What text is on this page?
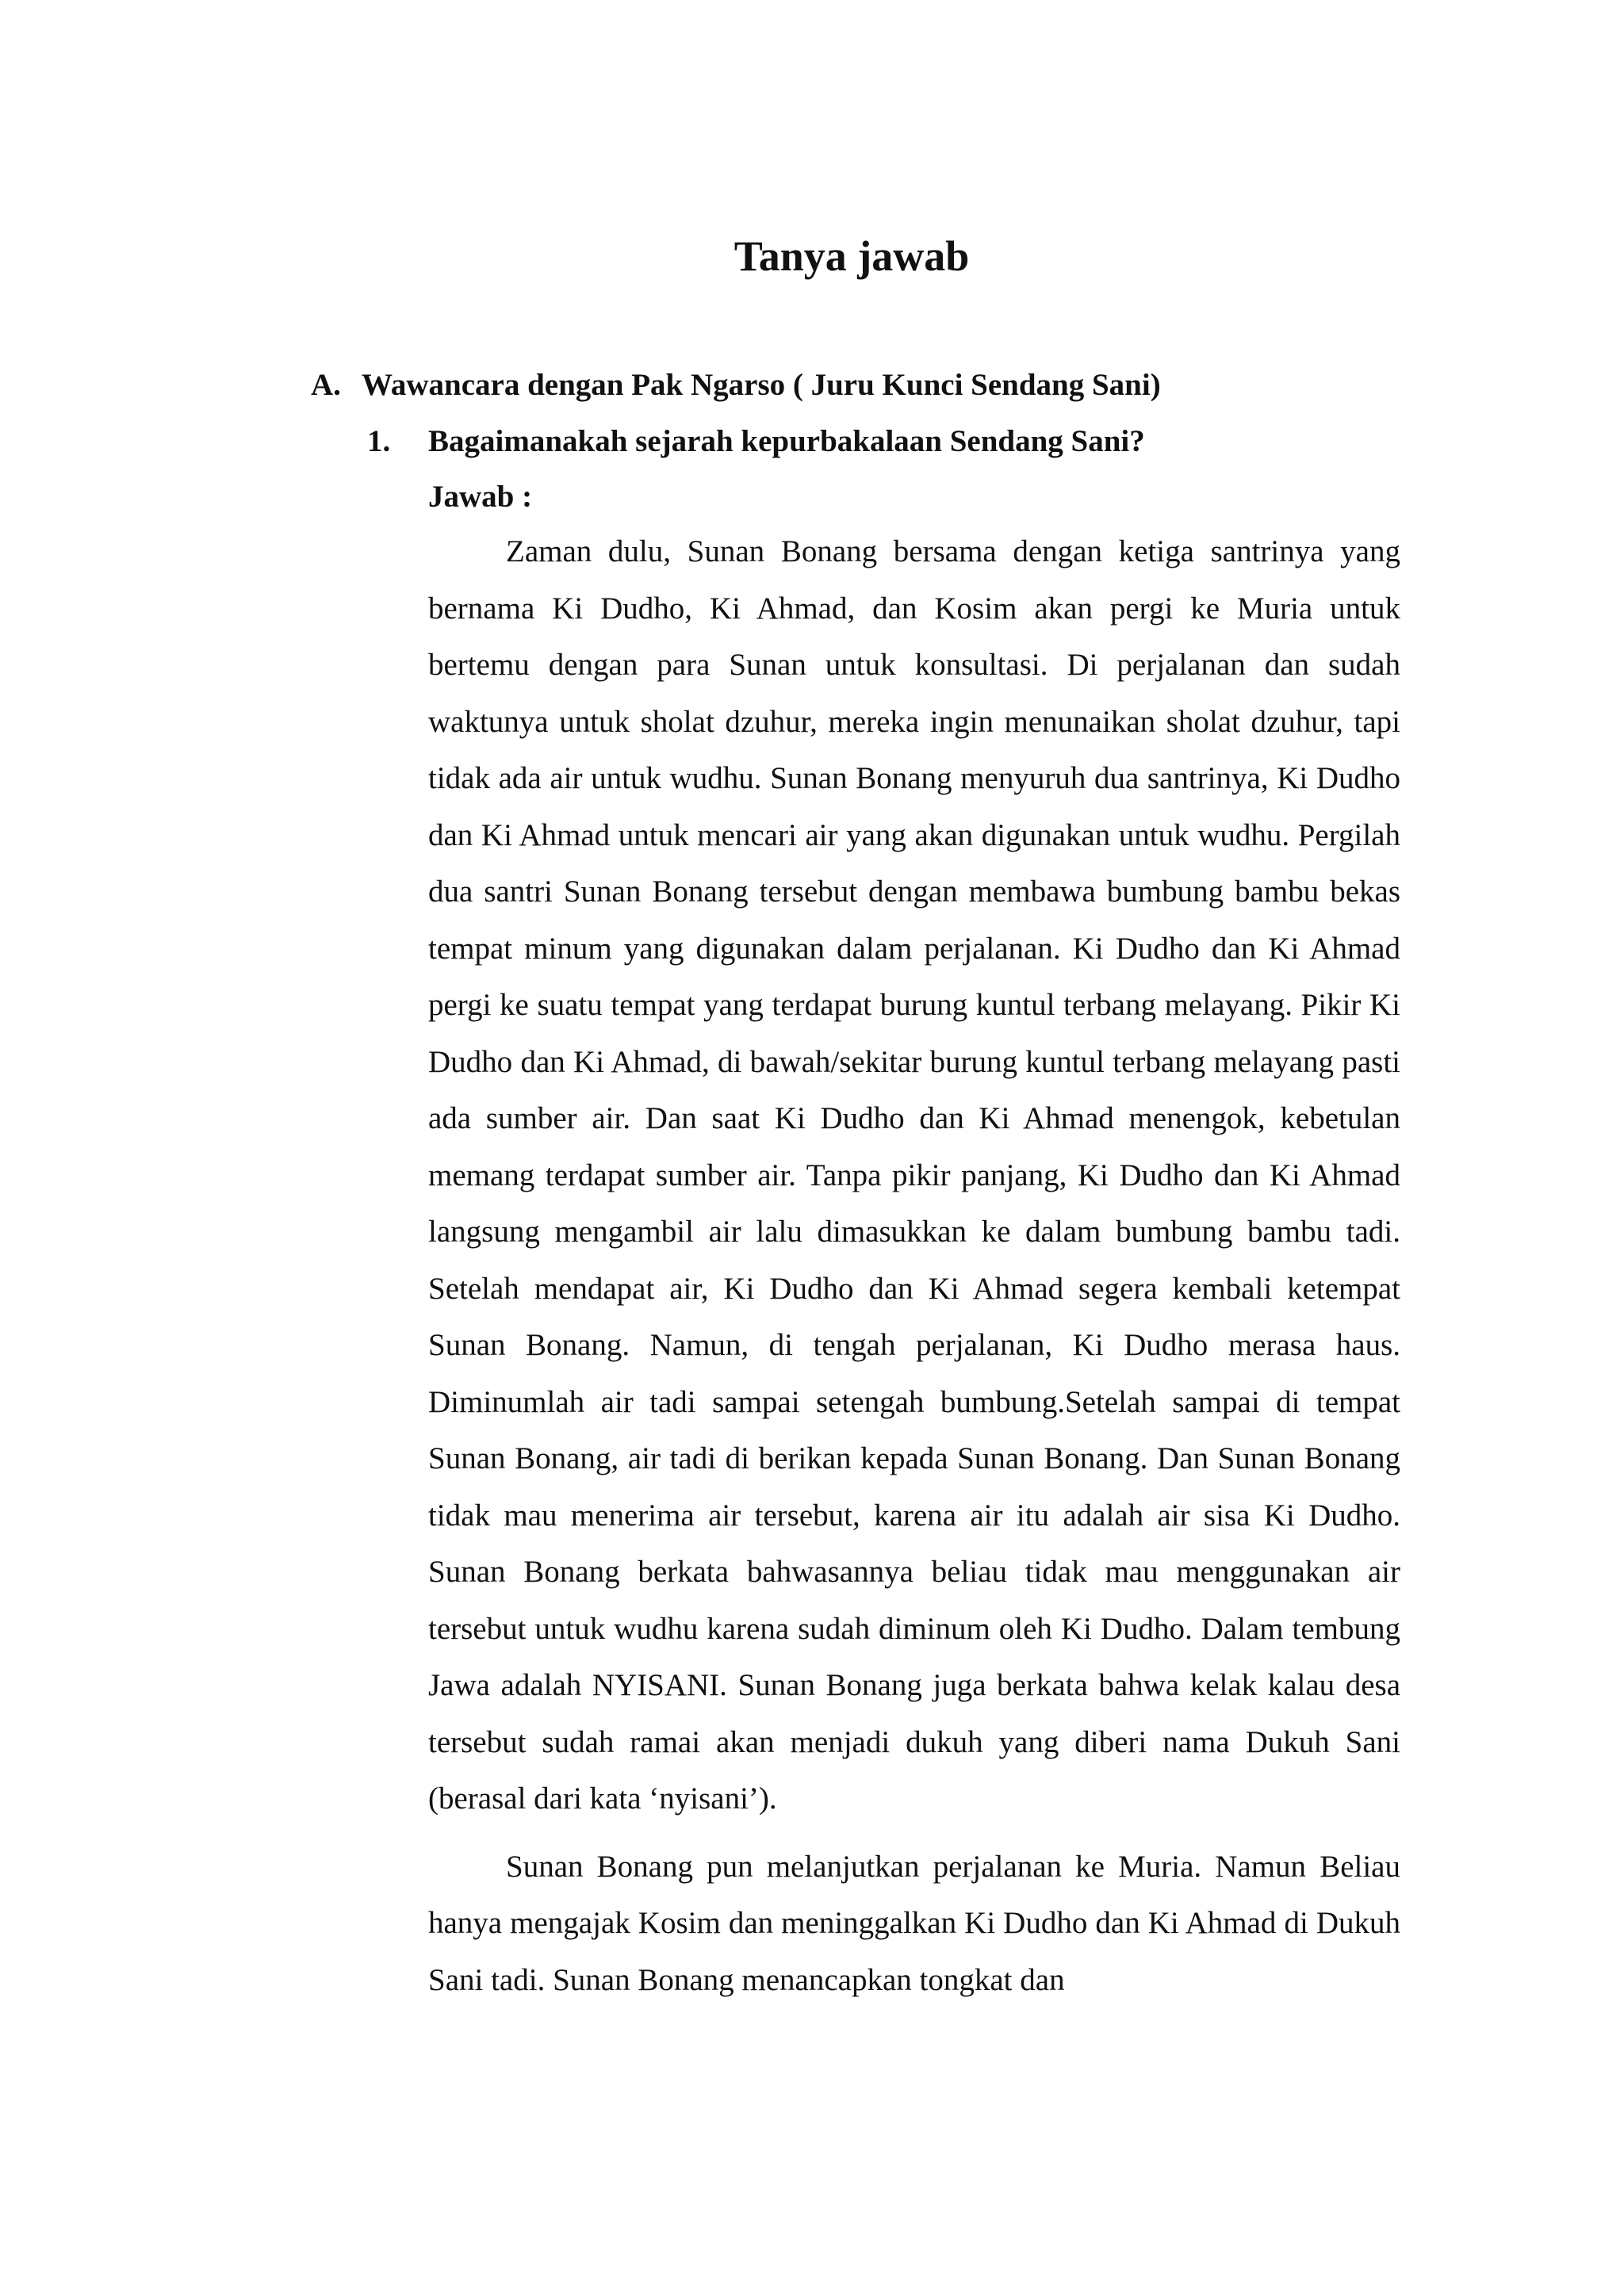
Tanya jawab
A. Wawancara dengan Pak Ngarso ( Juru Kunci Sendang Sani)
1. Bagaimanakah sejarah kepurbakalaan Sendang Sani?
Jawab :

Zaman dulu, Sunan Bonang bersama dengan ketiga santrinya yang bernama Ki Dudho, Ki Ahmad, dan Kosim akan pergi ke Muria untuk bertemu dengan para Sunan untuk konsultasi. Di perjalanan dan sudah waktunya untuk sholat dzuhur, mereka ingin menunaikan sholat dzuhur, tapi tidak ada air untuk wudhu. Sunan Bonang menyuruh dua santrinya, Ki Dudho dan Ki Ahmad untuk mencari air yang akan digunakan untuk wudhu. Pergilah dua santri Sunan Bonang tersebut dengan membawa bumbung bambu bekas tempat minum yang digunakan dalam perjalanan. Ki Dudho dan Ki Ahmad pergi ke suatu tempat yang terdapat burung kuntul terbang melayang. Pikir Ki Dudho dan Ki Ahmad, di bawah/sekitar burung kuntul terbang melayang pasti ada sumber air. Dan saat Ki Dudho dan Ki Ahmad menengok, kebetulan memang terdapat sumber air. Tanpa pikir panjang, Ki Dudho dan Ki Ahmad langsung mengambil air lalu dimasukkan ke dalam bumbung bambu tadi. Setelah mendapat air, Ki Dudho dan Ki Ahmad segera kembali ketempat Sunan Bonang. Namun, di tengah perjalanan, Ki Dudho merasa haus. Diminumlah air tadi sampai setengah bumbung.Setelah sampai di tempat Sunan Bonang, air tadi di berikan kepada Sunan Bonang. Dan Sunan Bonang tidak mau menerima air tersebut, karena air itu adalah air sisa Ki Dudho. Sunan Bonang berkata bahwasannya beliau tidak mau menggunakan air tersebut untuk wudhu karena sudah diminum oleh Ki Dudho. Dalam tembung Jawa adalah NYISANI. Sunan Bonang juga berkata bahwa kelak kalau desa tersebut sudah ramai akan menjadi dukuh yang diberi nama Dukuh Sani (berasal dari kata ‘nyisani’).

Sunan Bonang pun melanjutkan perjalanan ke Muria. Namun Beliau hanya mengajak Kosim dan meninggalkan Ki Dudho dan Ki Ahmad di Dukuh Sani tadi. Sunan Bonang menancapkan tongkat dan
